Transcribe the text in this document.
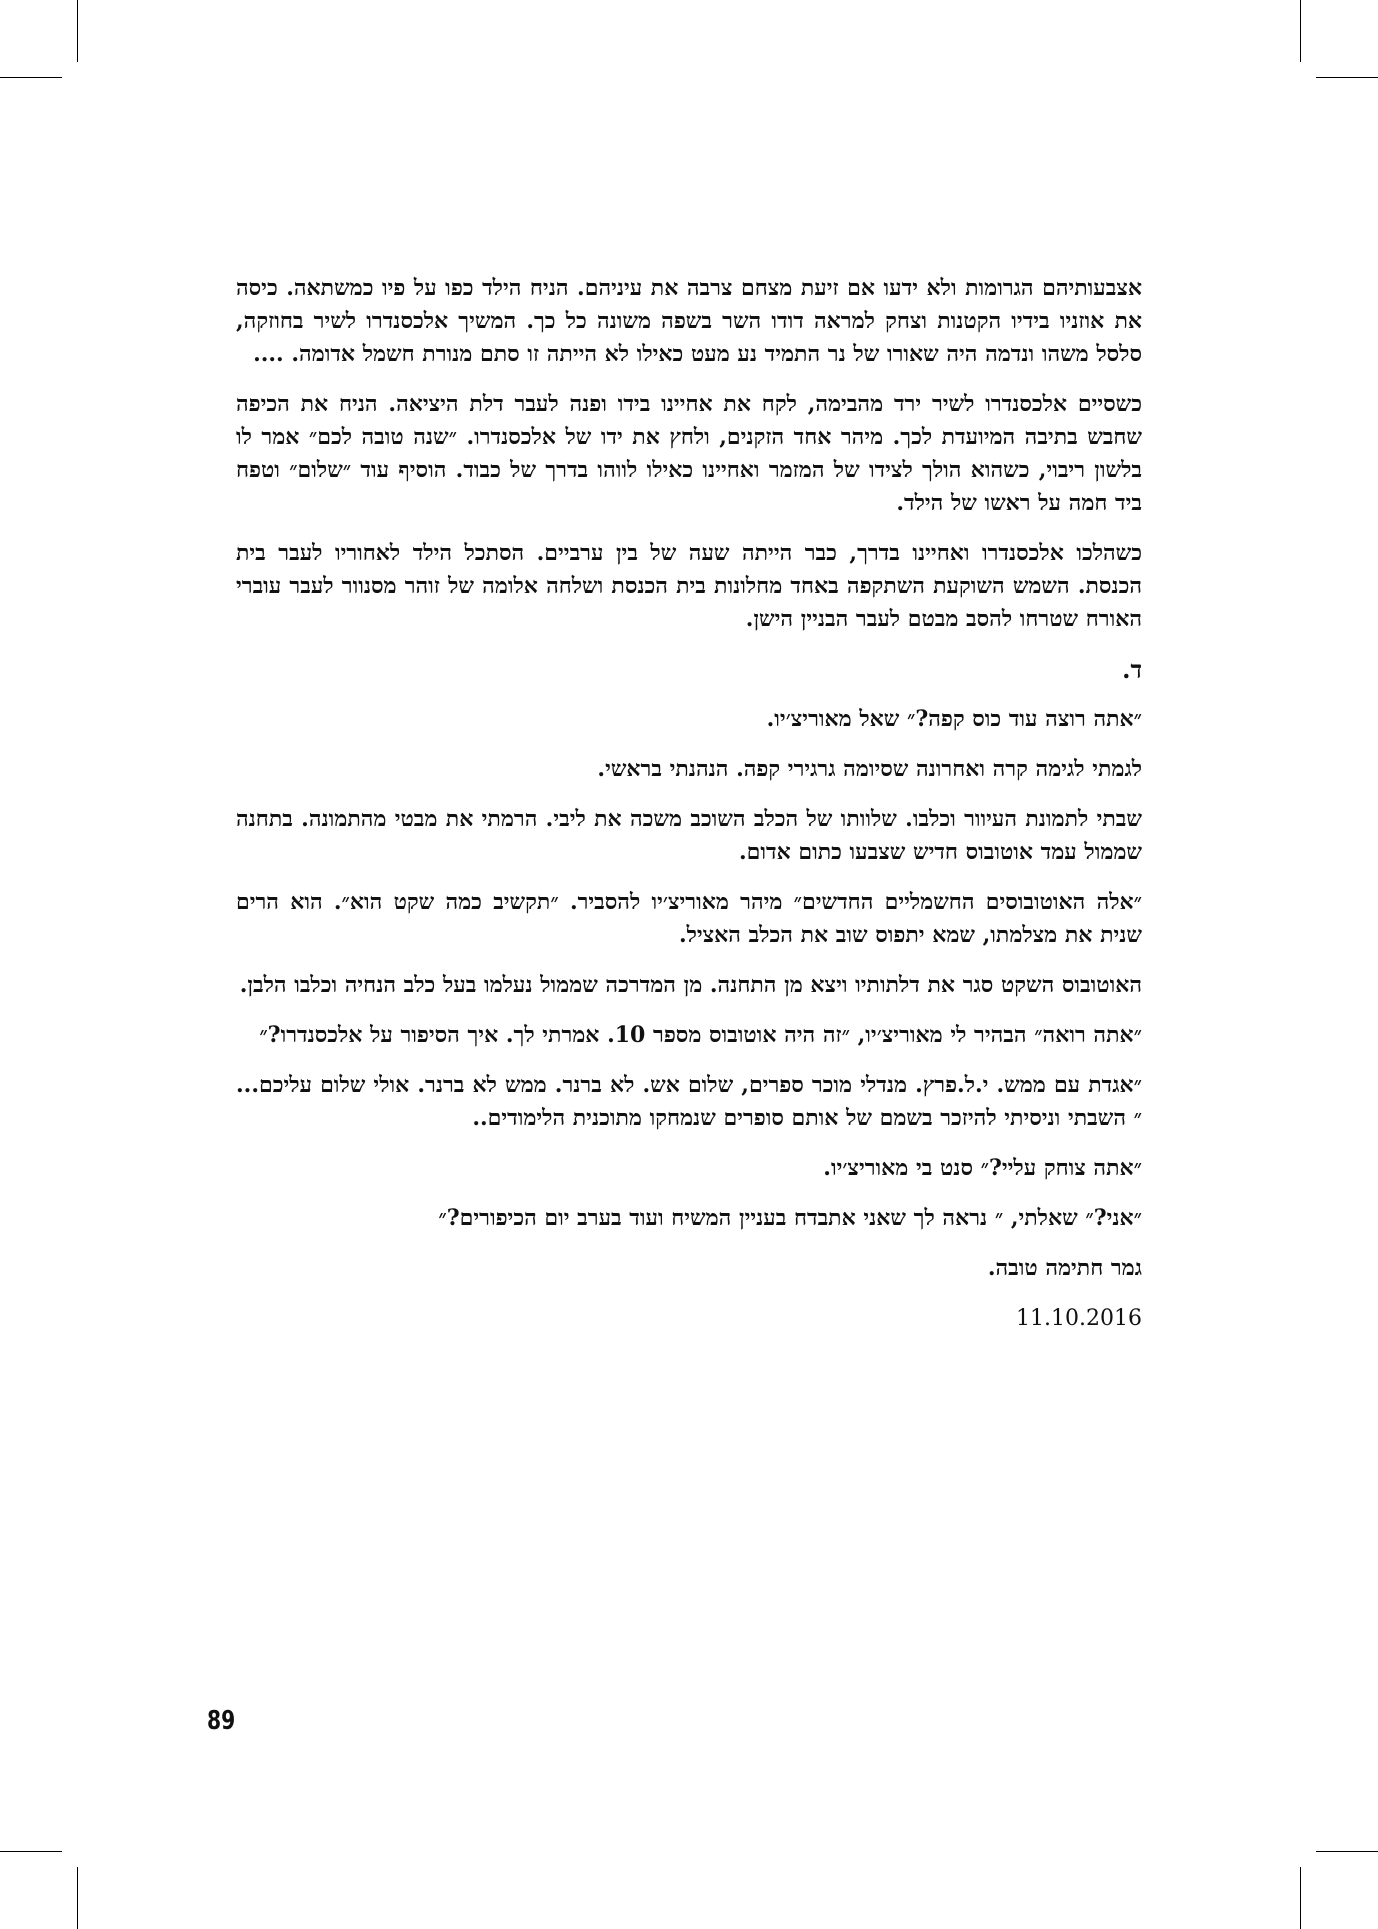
אצבעותיהם הגרומות ולא ידעו אם זיעת מצחם צרבה את עיניהם. הניח הילד כפו על פיו כמשתאה. כיסה את אוזניו בידיו הקטנות וצחק למראה דודו השר בשפה משונה כל כך. המשיך אלכסנדרו לשיר בחוזקה, סלסל משהו ונדמה היה שאורו של נר התמיד נע מעט כאילו לא הייתה זו סתם מנורת חשמל אדומה. ....

כשסיים אלכסנדרו לשיר ירד מהבימה, לקח את אחיינו בידו ופנה לעבר דלת היציאה. הניח את הכיפה שחבש בתיבה המיועדת לכך. מיהר אחד הזקנים, ולחץ את ידו של אלכסנדרו. ״שנה טובה לכם״ אמר לו בלשון ריבוי, כשהוא הולך לצידו של המזמר ואחיינו כאילו לווהו בדרך של כבוד. הוסיף עוד ״שלום״ וטפח ביד חמה על ראשו של הילד.

כשהלכו אלכסנדרו ואחיינו בדרך, כבר הייתה שעה של בין ערביים. הסתכל הילד לאחוריו לעבר בית הכנסת. השמש השוקעת השתקפה באחד מחלונות בית הכנסת ושלחה אלומה של זוהר מסנוור לעבר עוברי האורח שטרחו להסב מבטם לעבר הבניין הישן.

ד.

״אתה רוצה עוד כוס קפה?״ שאל מאוריצ׳יו.

לגמתי לגימה קרה ואחרונה שסיומה גרגירי קפה. הנהנתי בראשי.

שבתי לתמונת העיוור וכלבו. שלוותו של הכלב השוכב משכה את ליבי. הרמתי את מבטי מהתמונה. בתחנה שממול עמד אוטובוס חדיש שצבעו כתום אדום.

״אלה האוטובוסים החשמליים החדשים״ מיהר מאוריצ׳יו להסביר. ״תקשיב כמה שקט הוא״. הוא הרים שנית את מצלמתו, שמא יתפוס שוב את הכלב האציל.

האוטובוס השקט סגר את דלתותיו ויצא מן התחנה. מן המדרכה שממול נעלמו בעל כלב הנחיה וכלבו הלבן.

״אתה רואה״ הבהיר לי מאוריצ׳יו, ״זה היה אוטובוס מספר 10. אמרתי לך. איך הסיפור על אלכסנדרו?״

״אגדת עם ממש. י.ל.פרץ. מנדלי מוכר ספרים, שלום אש. לא ברנר. ממש לא ברנר. אולי שלום עליכם... ״ השבתי וניסיתי להיזכר בשמם של אותם סופרים שנמחקו מתוכנית הלימודים..

״אתה צוחק עליי?״ סנט בי מאוריצ׳יו.

״אני?״ שאלתי, ״ נראה לך שאני אתבדח בעניין המשיח ועוד בערב יום הכיפורים?״

גמר חתימה טובה.

11.10.2016

89
